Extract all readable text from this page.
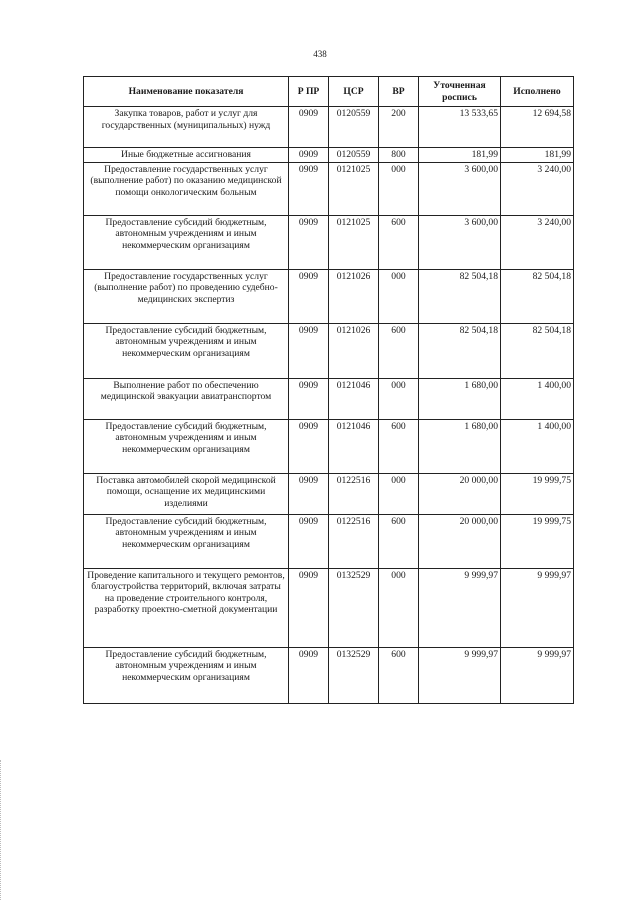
438
Наименование показателя	Р ПР	ЦСР	ВР	Уточненная роспись	Исполнено
Закупка товаров, работ и услуг для государственных (муниципальных) нужд	0909	0120559	200	13 533,65	12 694,58
Иные бюджетные ассигнования	0909	0120559	800	181,99	181,99
Предоставление государственных услуг (выполнение работ) по оказанию медицинской помощи онкологическим больным	0909	0121025	000	3 600,00	3 240,00
Предоставление субсидий бюджетным, автономным учреждениям и иным некоммерческим организациям	0909	0121025	600	3 600,00	3 240,00
Предоставление государственных услуг (выполнение работ) по проведению судебно-медицинских экспертиз	0909	0121026	000	82 504,18	82 504,18
Предоставление субсидий бюджетным, автономным учреждениям и иным некоммерческим организациям	0909	0121026	600	82 504,18	82 504,18
Выполнение работ по обеспечению медицинской эвакуации авиатранспортом	0909	0121046	000	1 680,00	1 400,00
Предоставление субсидий бюджетным, автономным учреждениям и иным некоммерческим организациям	0909	0121046	600	1 680,00	1 400,00
Поставка автомобилей скорой медицинской помощи, оснащение их медицинскими изделиями	0909	0122516	000	20 000,00	19 999,75
Предоставление субсидий бюджетным, автономным учреждениям и иным некоммерческим организациям	0909	0122516	600	20 000,00	19 999,75
Проведение капитального и текущего ремонтов, благоустройства территорий, включая затраты на проведение строительного контроля, разработку проектно-сметной документации	0909	0132529	000	9 999,97	9 999,97
Предоставление субсидий бюджетным, автономным учреждениям и иным некоммерческим организациям	0909	0132529	600	9 999,97	9 999,97
